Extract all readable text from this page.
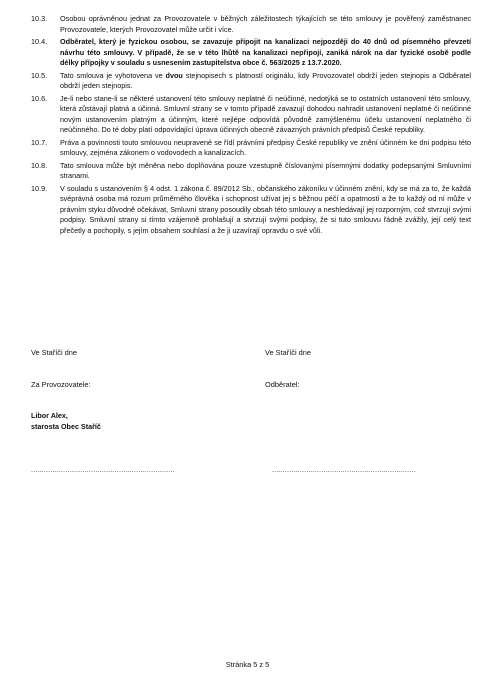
10.3.	Osobou oprávněnou jednat za Provozovatele v běžných záležitostech týkajících se této smlouvy je pověřený zaměstnanec Provozovatele, kterých Provozovatel může určit i více.
10.4.	Odběratel, který je fyzickou osobou, se zavazuje připojit na kanalizaci nejpozději do 40 dnů od písemného převzetí návrhu této smlouvy. V případě, že se v této lhůtě na kanalizaci nepřipojí, zaniká nárok na dar fyzické osobě podle délky přípojky v souladu s usnesením zastupitelstva obce č. 563/2025 z 13.7.2020.
10.5.	Tato smlouva je vyhotovena ve dvou stejnopisech s platností originálu, kdy Provozovatel obdrží jeden stejnopis a Odběratel obdrží jeden stejnopis.
10.6.	Je-li nebo stane-li se některé ustanovení této smlouvy neplatné či neúčinné, nedotýká se to ostatních ustanovení této smlouvy, která zůstávají platná a účinná. Smluvní strany se v tomto případě zavazují dohodou nahradit ustanovení neplatné či neúčinné novým ustanovením platným a účinným, které nejlépe odpovídá původně zamýšlenému účelu ustanovení neplatného či neúčinného. Do té doby platí odpovídající úprava účinných obecně závazných právních předpisů České republiky.
10.7.	Práva a povinnosti touto smlouvou neupravené se řídí právními předpisy České republiky ve znění účinném ke dni podpisu této smlouvy, zejména zákonem o vodovodech a kanalizacích.
10.8.	Tato smlouva může být měněna nebo doplňována pouze vzestupně číslovanými písemnými dodatky podepsanými Smluvními stranami.
10.9.	V souladu s ustanovením § 4 odst. 1 zákona č. 89/2012 Sb., občanského zákoníku v účinném znění, kdy se má za to, že každá svéprávná osoba má rozum průměrného člověka i schopnost užívat jej s běžnou péčí a opatrností a že to každý od ní může v právním styku důvodně očekávat, Smluvní strany posoudily obsah této smlouvy a neshledávají jej rozporným, což stvrzují svými podpisy. Smluvní strany si tímto vzájemně prohlašují a stvrzují svými podpisy, že si tuto smlouvu řádně zvážily, její celý text přečetly a pochopily, s jejím obsahem souhlasí a že ji uzavírají opravdu o své vůli.
Ve Staříči dne	Ve Staříči dne
Za Provozovatele:	Odběratel:
Libor Alex,
starosta Obec Staříč
...................................................................	...................................................................
Stránka 5 z 5
